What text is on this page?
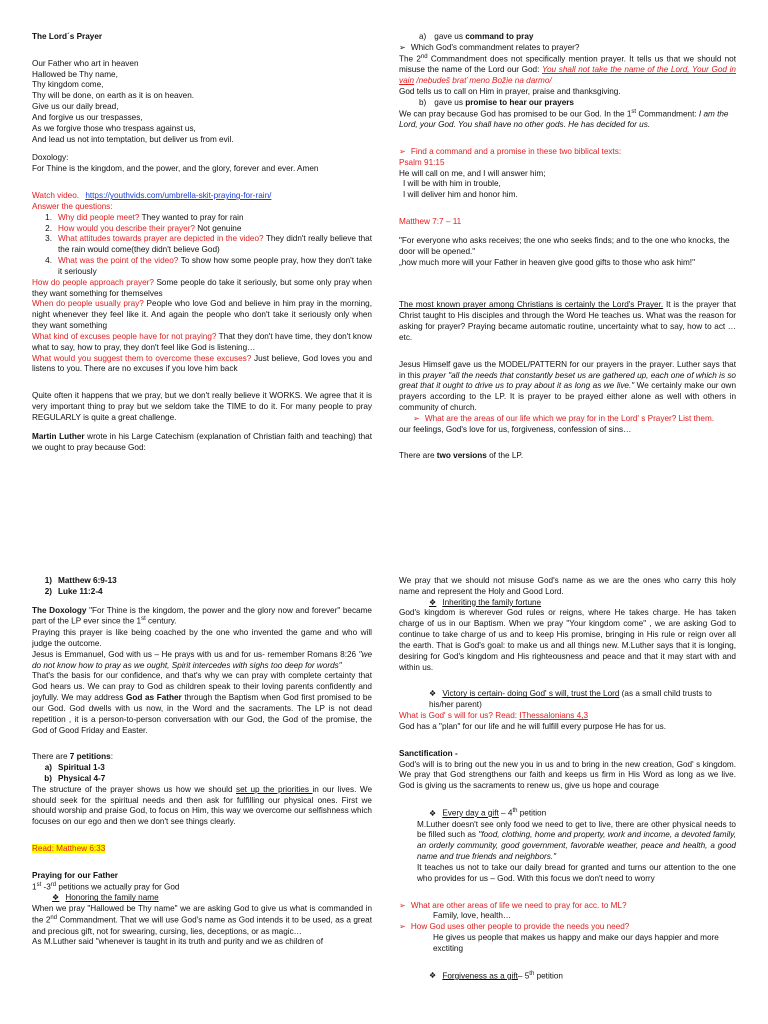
The Lord´s Prayer

Our Father who art in heaven
Hallowed be Thy name,
Thy kingdom come,
Thy will be done, on earth as it is on heaven.
Give us our daily bread,
And forgive us our trespasses,
As we forgive those who trespass against us,
And lead us not into temptation, but deliver us from evil.
Doxology:

For Thine is the kingdom, and the power, and the glory, forever and ever. Amen

Watch video. https://youthvids.com/umbrella-skit-praying-for-rain/
Answer the questions:
1. Why did people meet? They wanted to pray for rain
2. How would you describe their prayer? Not genuine
3. What attitudes towards prayer are depicted in the video? They didn't really believe that the rain would come(they didn't believe God)
4. What was the point of the video? To show how some people pray, how they don't take it seriously
How do people approach prayer? Some people do take it seriously, but some only pray when they want something for themselves
When do people usually pray? People who love God and believe in him pray in the morning, night whenever they feel like it. And again the people who don't take it seriously only when they want something
What kind of excuses people have for not praying? That they don't have time, they don't know what to say, how to pray, they don't feel like God is listening…

What would you suggest them to overcome these excuses? Just believe, God loves you and listens to you. There are no excuses if you love him back

Quite often it happens that we pray, but we don't really believe it WORKS. We agree that it is very important thing to pray but we seldom take the TIME to do it. For many people to pray REGULARLY is quite a great challenge.

Martin Luther wrote in his Large Catechism (explanation of Christian faith and teaching) that we ought to pray because God:

a) gave us command to pray
➢ Which God's commandment relates to prayer?
The 2nd Commandment does not specifically mention prayer. It tells us that we should not misuse the name of the Lord our God: You shall not take the name of the Lord, Your God in vain /nebudeš brať meno Božie na darmo/
God tells us to call on Him in prayer, praise and thanksgiving.
b) gave us promise to hear our prayers

We can pray because God has promised to be our God. In the 1st Commandment: I am the Lord, your God. You shall have no other gods. He has decided for us.

➢ Find a command and a promise in these two biblical texts:
Psalm 91:15
He will call on me, and I will answer him;
I will be with him in trouble,
I will deliver him and honor him.
Matthew 7:7 – 11
"For everyone who asks receives; the one who seeks finds; and to the one who knocks, the door will be opened."
„how much more will your Father in heaven give good gifts to those who ask him!"

The most known prayer among Christians is certainly the Lord's Prayer. It is the prayer that Christ taught to His disciples and through the Word He teaches us. What was the reason for asking for prayer? Praying became automatic routine, uncertainty what to say, how to act …etc.

Jesus Himself gave us the MODEL/PATTERN for our prayers in the prayer. Luther says that in this prayer "all the needs that constantly beset us are gathered up, each one of which is so great that it ought to drive us to pray about it as long as we live." We certainly make our own prayers according to the LP. It is prayer to be prayed either alone as well with others in community of church.
➢ What are the areas of our life which we pray for in the Lord' s Prayer? List them.

our feelings, God's love for us, forgiveness, confession of sins…

There are two versions of the LP.

1) Matthew 6:9-13

2) Luke 11:2-4

The Doxology "For Thine is the kingdom, the power and the glory now and forever" became part of the LP ever since the 1st century.
Praying this prayer is like being coached by the one who invented the game and who will judge the outcome.
Jesus is Emmanuel, God with us – He prays with us and for us- remember Romans 8:26 "we do not know how to pray as we ought, Spirit intercedes with sighs too deep for words"

That's the basis for our confidence, and that's why we can pray with complete certainty that God hears us. We can pray to God as children speak to their loving parents confidently and joyfully. We may address God as Father through the Baptism when God first promised to be our God. God dwells with us now, in the Word and the sacraments. The LP is not dead repetition , it is a person-to-person conversation with our God, the God of the promise, the God of Good Friday and Easter.

There are 7 petitions:
a) Spiritual 1-3
b) Physical 4-7

The structure of the prayer shows us how we should set up the priorities in our lives. We should seek for the spiritual needs and then ask for fulfilling our physical ones. First we should worship and praise God, to focus on Him, this way we overcome our selfishness which focuses on our ego and then we don't see things clearly.

Read: Matthew 6:33

Praying for our Father
1st -3rd petitions we actually pray for God
❖ Honoring the family name
When we pray "Hallowed be Thy name" we are asking God to give us what is commanded in the 2nd Commandment. That we will use God's name as God intends it to be used, as a great and precious gift, not for swearing, cursing, lies, deceptions, or as magic…
As M.Luther said "whenever is taught in its truth and purity and we as children of
We pray that we should not misuse God's name as we are the ones who carry this holy name and represent the Holy and Good Lord.
❖ Inheriting the family fortune

God's kingdom is wherever God rules or reigns, where He takes charge. He has taken charge of us in our Baptism. When we pray "Your kingdom come" , we are asking God to continue to take charge of us and to keep His promise, bringing in His rule or reign over all the earth. That is God's goal: to make us and all things new. M.Luther says that it is longing, desiring for God's kingdom and His righteousness and peace and that it may start with and within us.

❖ Victory is certain- doing God' s will, trust the Lord (as a small child trusts to his/her parent)
What is God' s will for us? Read: IThessalonians 4,3

God has a "plan" for our life and he will fulfill every purpose He has for us.

Sanctification -

God's will is to bring out the new you in us and to bring in the new creation, God' s kingdom. We pray that God strengthens our faith and keeps us firm in His Word as long as we live. God is giving us the sacraments to renew us, give us hope and courage

❖ Every day a gift – 4th petition
M.Luther doesn't see only food we need to get to live, there are other physical needs to be filled such as "food, clothing, home and property, work and income, a devoted family, an orderly community, good government, favorable weather, peace and health, a good name and true friends and neighbors."

It teaches us not to take our daily bread for granted and turns our attention to the one who provides for us – God. With this focus we don't need to worry

➢ What are other areas of life we need to pray for acc. to ML?
Family, love, health…
➢ How God uses other people to provide the needs you need?
He gives us people that makes us happy and make our days happier and more exctiting
❖ Forgiveness as a gift– 5th petition
